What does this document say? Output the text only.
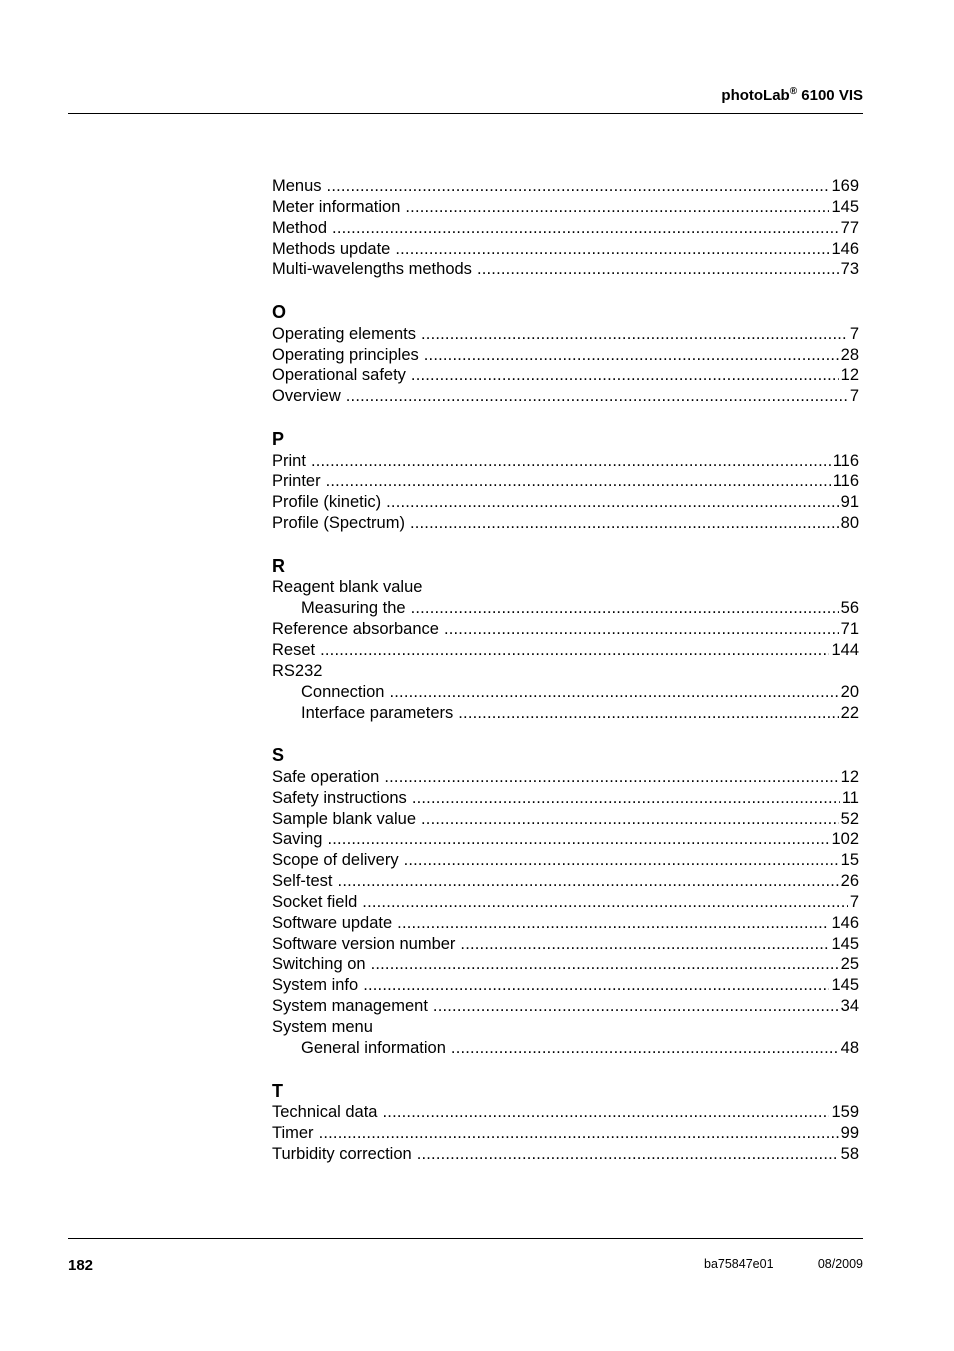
photoLab® 6100 VIS
Menus .....	169
Meter information .....	145
Method .....	77
Methods update .....	146
Multi-wavelengths methods .....	73
O
Operating elements .....	7
Operating principles .....	28
Operational safety .....	12
Overview .....	7
P
Print .....	116
Printer .....	116
Profile (kinetic) .....	91
Profile (Spectrum) .....	80
R
Reagent blank value
Measuring the .....	56
Reference absorbance .....	71
Reset .....	144
RS232
Connection .....	20
Interface parameters .....	22
S
Safe operation .....	12
Safety instructions .....	11
Sample blank value .....	52
Saving .....	102
Scope of delivery .....	15
Self-test .....	26
Socket field .....	7
Software update .....	146
Software version number .....	145
Switching on .....	25
System info .....	145
System management .....	34
System menu
General information .....	48
T
Technical data .....	159
Timer .....	99
Turbidity correction .....	58
182	ba75847e01	08/2009
